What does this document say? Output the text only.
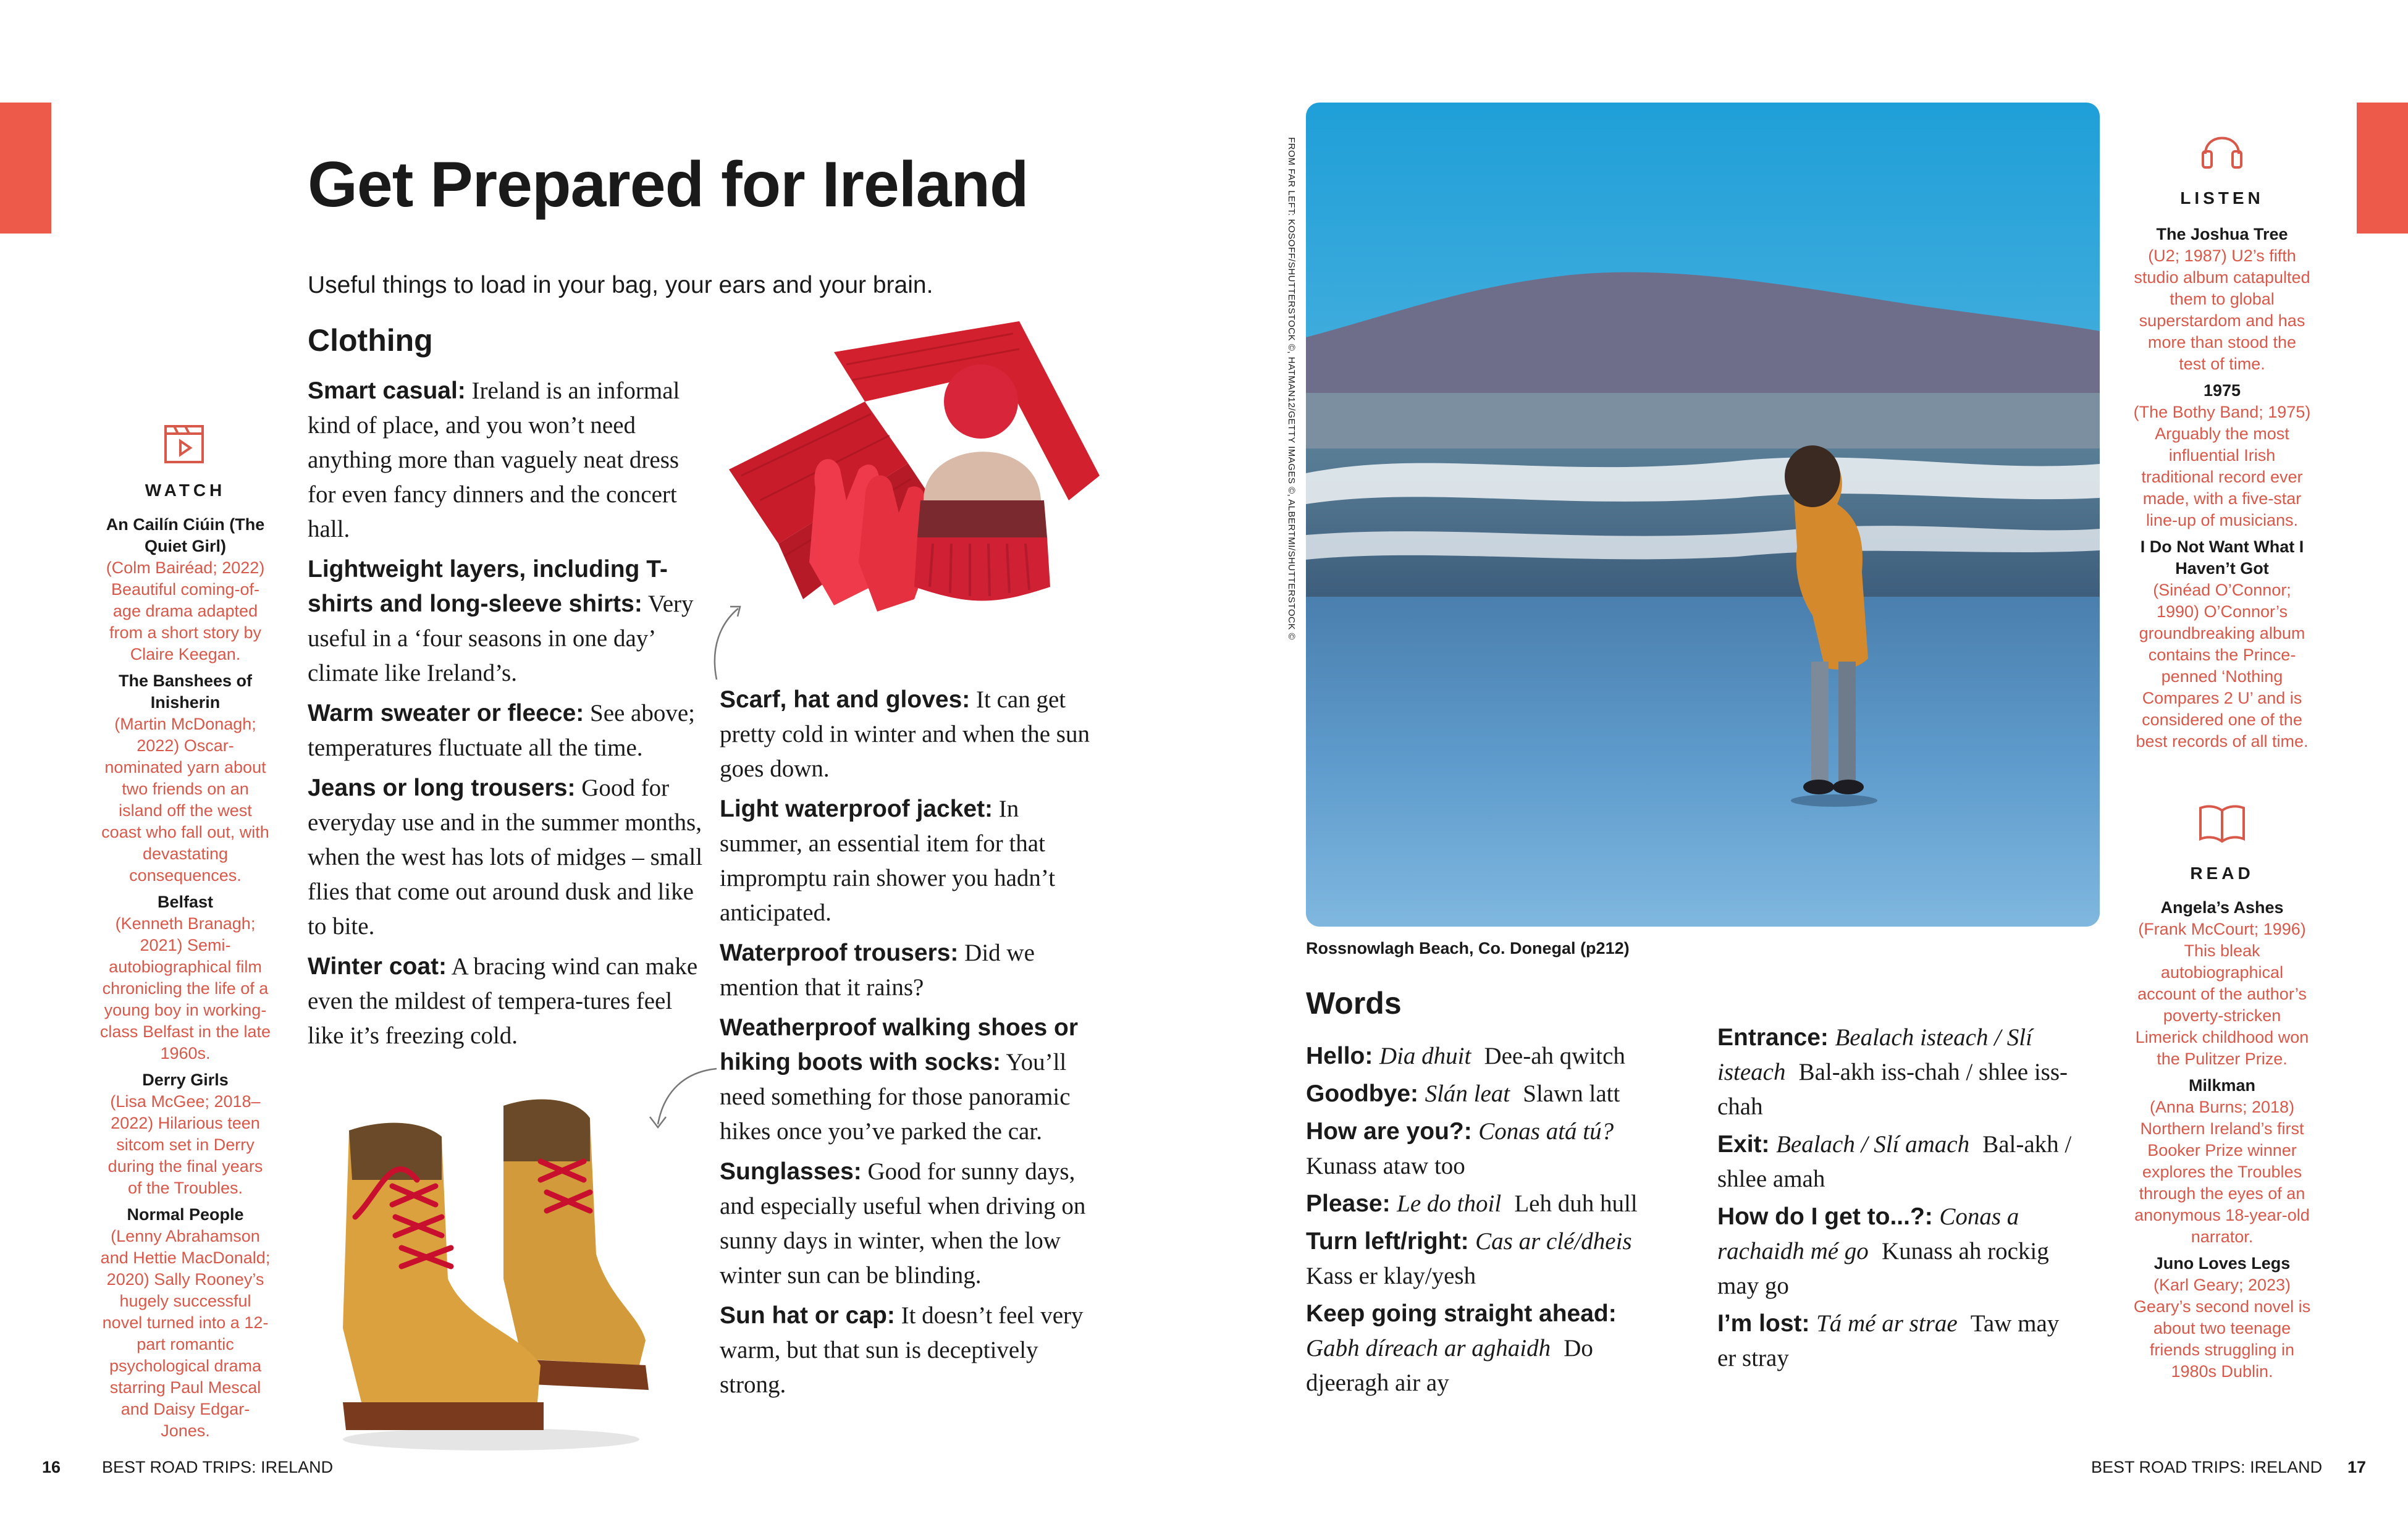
Get Prepared for Ireland
Useful things to load in your bag, your ears and your brain.
Clothing
Smart casual: Ireland is an informal kind of place, and you won’t need anything more than vaguely neat dress for even fancy dinners and the concert hall.
Lightweight layers, including T-shirts and long-sleeve shirts: Very useful in a ‘four seasons in one day’ climate like Ireland’s.
Warm sweater or fleece: See above; temperatures fluctuate all the time.
Jeans or long trousers: Good for everyday use and in the summer months, when the west has lots of midges – small flies that come out around dusk and like to bite.
Winter coat: A bracing wind can make even the mildest of tempera-tures feel like it’s freezing cold.
Scarf, hat and gloves: It can get pretty cold in winter and when the sun goes down.
Light waterproof jacket: In summer, an essential item for that impromptu rain shower you hadn’t anticipated.
Waterproof trousers: Did we mention that it rains?
Weatherproof walking shoes or hiking boots with socks: You’ll need something for those panoramic hikes once you’ve parked the car.
Sunglasses: Good for sunny days, and especially useful when driving on sunny days in winter, when the low winter sun can be blinding.
Sun hat or cap: It doesn’t feel very warm, but that sun is deceptively strong.
WATCH
An Cailín Ciúin (The Quiet Girl)
(Colm Bairéad; 2022) Beautiful coming-of-age drama adapted from a short story by Claire Keegan.
The Banshees of Inisherin
(Martin McDonagh; 2022) Oscar-nominated yarn about two friends on an island off the west coast who fall out, with devastating consequences.
Belfast
(Kenneth Branagh; 2021) Semi-autobiographical film chronicling the life of a young boy in working-class Belfast in the late 1960s.
Derry Girls
(Lisa McGee; 2018–2022) Hilarious teen sitcom set in Derry during the final years of the Troubles.
Normal People
(Lenny Abrahamson and Hettie MacDonald; 2020) Sally Rooney’s hugely successful novel turned into a 12-part romantic psychological drama starring Paul Mescal and Daisy Edgar-Jones.
16 BEST ROAD TRIPS: IRELAND
FROM FAR LEFT: KOSOFF/SHUTTERSTOCK ©, HATMAN12/GETTY IMAGES ©, ALBERTMI/SHUTTERSTOCK ©
Rossnowlagh Beach, Co. Donegal (p212)
Words
Hello: Dia dhuit Dee-ah qwitch
Goodbye: Slán leat Slawn latt
How are you?: Conas atá tú?  Kunass ataw too
Please: Le do thoil Leh duh hull
Turn left/right: Cas ar clé/dheis  Kass er klay/yesh
Keep going straight ahead: Gabh díreach ar aghaidh Do djeeragh air ay
Entrance: Bealach isteach / Slí isteach Bal-akh iss-chah / shlee iss-chah
Exit: Bealach / Slí amach Bal-akh / shlee amah
How do I get to...?: Conas a rachaidh mé go Kunass ah rockig may go
I’m lost: Tá mé ar strae Taw may er stray
LISTEN
The Joshua Tree
(U2; 1987) U2’s fifth studio album catapulted them to global superstardom and has more than stood the test of time.
1975
(The Bothy Band; 1975) Arguably the most influential Irish traditional record ever made, with a five-star line-up of musicians.
I Do Not Want What I Haven’t Got
(Sinéad O’Connor; 1990) O’Connor’s groundbreaking album contains the Prince-penned ‘Nothing Compares 2 U’ and is considered one of the best records of all time.
READ
Angela’s Ashes
(Frank McCourt; 1996) This bleak autobiographical account of the author’s poverty-stricken Limerick childhood won the Pulitzer Prize.
Milkman
(Anna Burns; 2018) Northern Ireland’s first Booker Prize winner explores the Troubles through the eyes of an anonymous 18-year-old narrator.
Juno Loves Legs
(Karl Geary; 2023) Geary’s second novel is about two teenage friends struggling in 1980s Dublin.
BEST ROAD TRIPS: IRELAND 17
